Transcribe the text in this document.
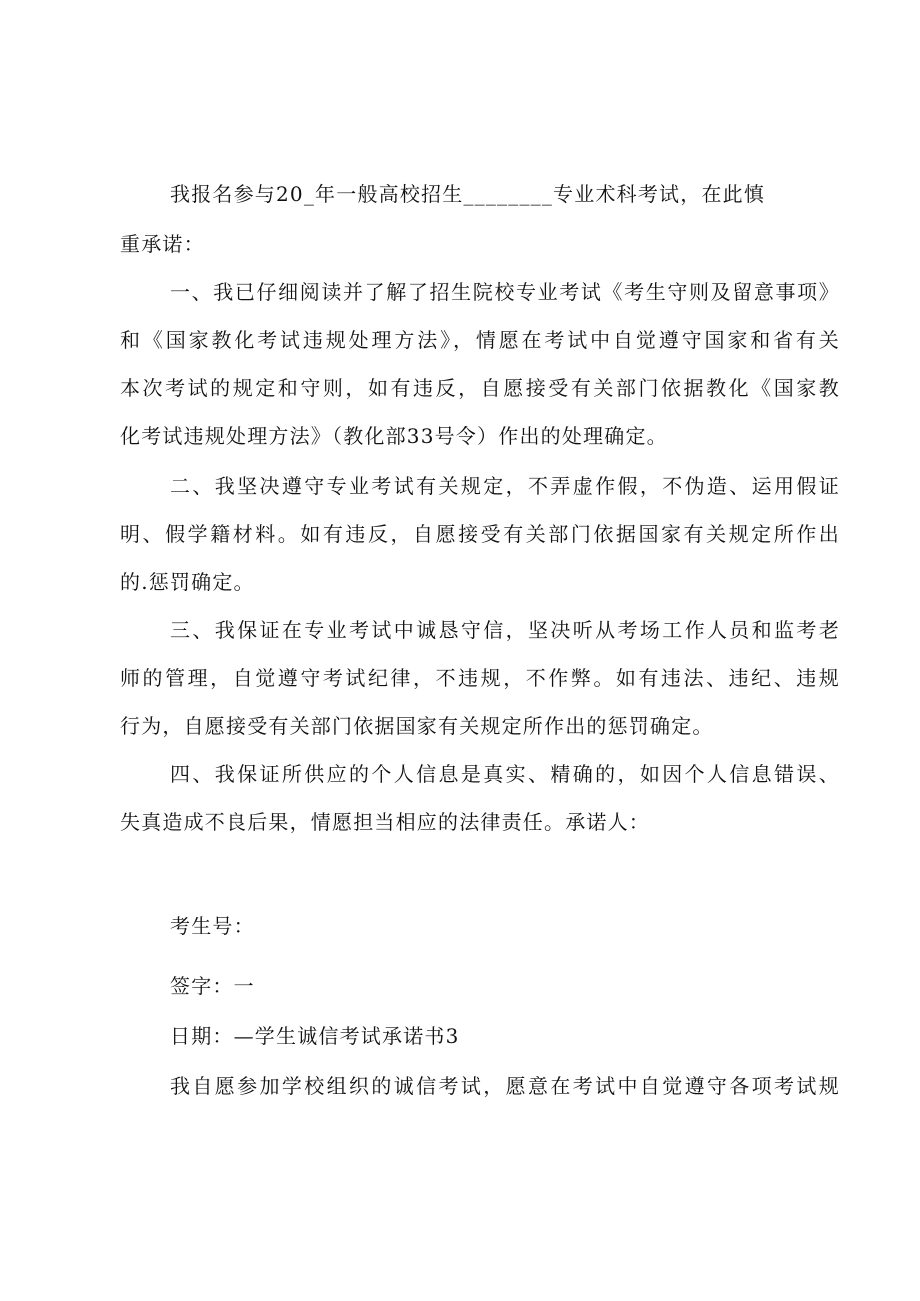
我报名参与20_年一般高校招生________专业术科考试，在此慎
重承诺：
一、我已仔细阅读并了解了招生院校专业考试《考生守则及留意事项》
和《国家教化考试违规处理方法》，情愿在考试中自觉遵守国家和省有关
本次考试的规定和守则，如有违反，自愿接受有关部门依据教化《国家教
化考试违规处理方法》（教化部33号令）作出的处理确定。
二、我坚决遵守专业考试有关规定，不弄虚作假，不伪造、运用假证
明、假学籍材料。如有违反，自愿接受有关部门依据国家有关规定所作出
的.惩罚确定。
三、我保证在专业考试中诚恳守信，坚决听从考场工作人员和监考老
师的管理，自觉遵守考试纪律，不违规，不作弊。如有违法、违纪、违规
行为，自愿接受有关部门依据国家有关规定所作出的惩罚确定。
四、我保证所供应的个人信息是真实、精确的，如因个人信息错误、
失真造成不良后果，情愿担当相应的法律责任。承诺人：
考生号：
签字：一
日期：—学生诚信考试承诺书3
我自愿参加学校组织的诚信考试，愿意在考试中自觉遵守各项考试规
